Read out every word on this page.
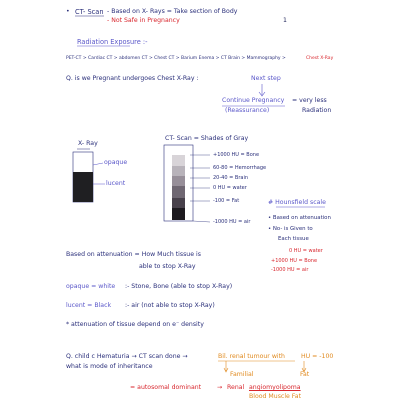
• CT- Scan - Based on X- Rays = Take section of Body
- Not Safe in Pregnancy	1
Radiation Exposure :-
PET-CT > Cardiac CT > abdomen CT > Chest CT > Barium Enema > CT Brain > Mammography >	Chest X-Ray
Q. is we Pregnant undergoes Chest X-Ray :	Next step
Continue Pregnancy
(Reassurance)
= very less
Radiation
X- Ray
opaque
lucent
CT- Scan = Shades of Gray
+1000 HU = Bone
60-80 = Hemorrhage
20-40 = Brain
0 HU = water
-100 = Fat
-1000 HU = air
# Hounsfield scale
• Based on attenuation
• No- is Given to
Each tissue
0 HU = water
+1000 HU = Bone
-1000 HU = air
Based on attenuation = How Much tissue is
able to stop X-Ray
opaque = white :- Stone, Bone (able to stop X-Ray)
lucent = Black :- air (not able to stop X-Ray)
* attenuation of tissue depend on e⁻ density
Q. child c Hematuria → CT scan done →	Bil. renal tumour with	HU = -100
what is mode of inheritance
Familial	Fat
= autosomal dominant	→ Renal angiomyolipoma
Blood Muscle Fat
